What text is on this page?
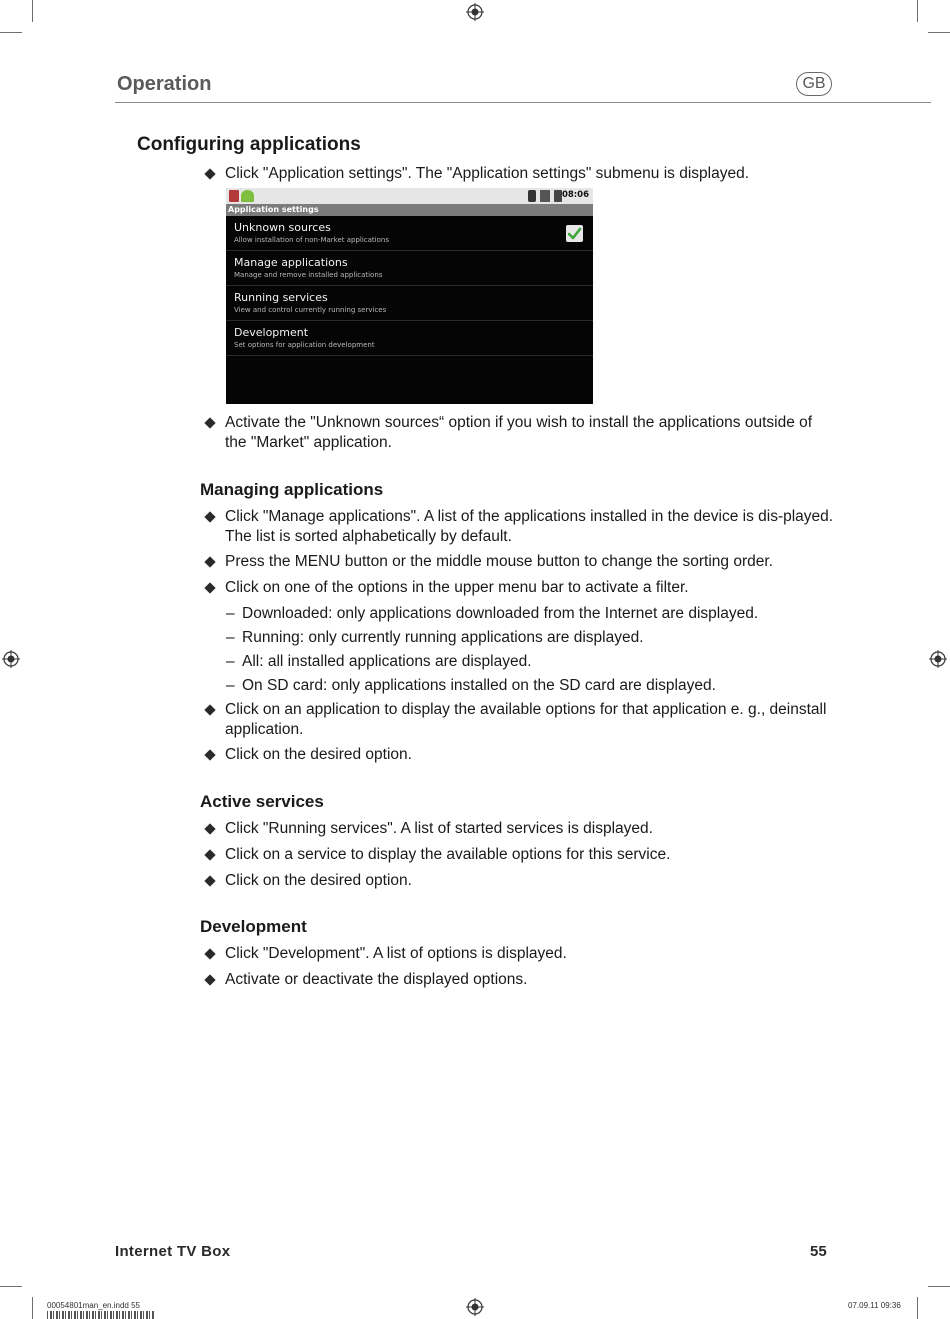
Operation	GB
Configuring applications
Click "Application settings". The "Application settings" submenu is displayed.
08:06
Application settings
Unknown sources
Allow installation of non-Market applications
Manage applications
Manage and remove installed applications
Running services
View and control currently running services
Development
Set options for application development
Activate the "Unknown sources“ option if you wish to install the applications outside of the "Market" application.
Managing applications
Click "Manage applications". A list of the applications installed in the device is dis-played. The list is sorted alphabetically by default.
Press the MENU button or the middle mouse button to change the sorting order.
Click on one of the options in the upper menu bar to activate a filter.
– Downloaded: only applications downloaded from the Internet are displayed.
– Running: only currently running applications are displayed.
– All: all installed applications are displayed.
– On SD card: only applications installed on the SD card are displayed.
Click on an application to display the available options for that application e. g., deinstall application.
Click on the desired option.
Active services
Click "Running services". A list of started services is displayed.
Click on a service to display the available options for this service.
Click on the desired option.
Development
Click "Development". A list of options is displayed.
Activate or deactivate the displayed options.
Internet TV Box	55
00054801man_en.indd 55	07.09.11 09:36
